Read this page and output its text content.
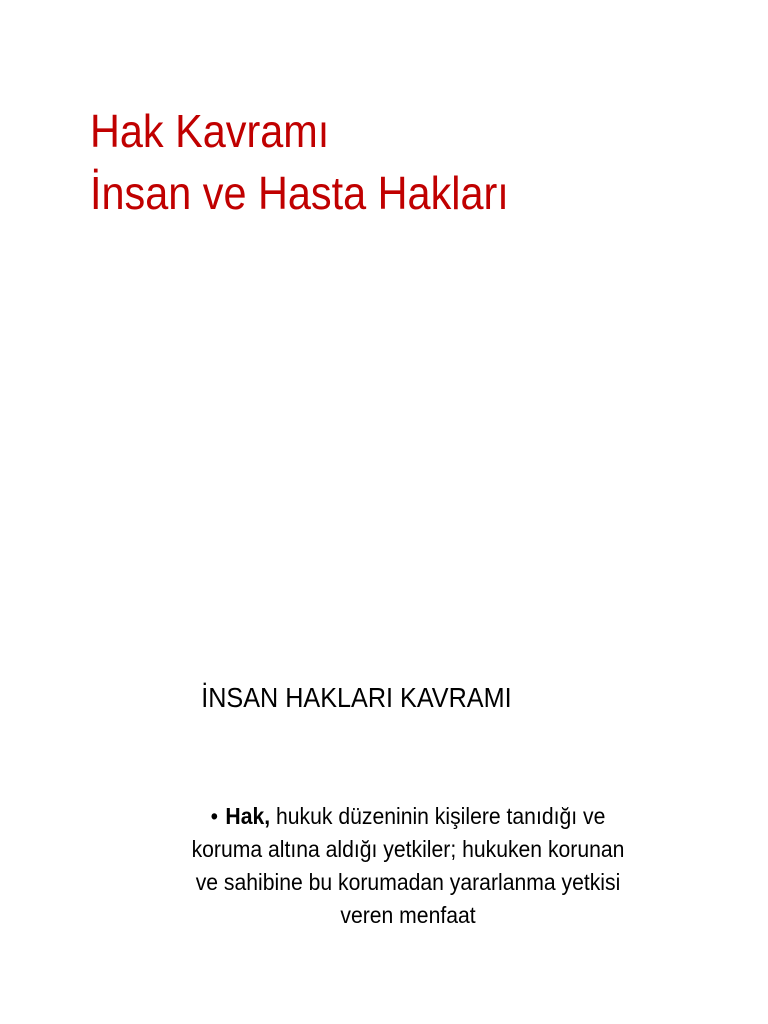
Hak Kavramı
İnsan ve Hasta Hakları
İNSAN HAKLARI KAVRAMI

• Hak, hukuk düzeninin kişilere tanıdığı ve
koruma altına aldığı yetkiler; hukuken korunan
ve sahibine bu korumadan yararlanma yetkisi
veren menfaat
